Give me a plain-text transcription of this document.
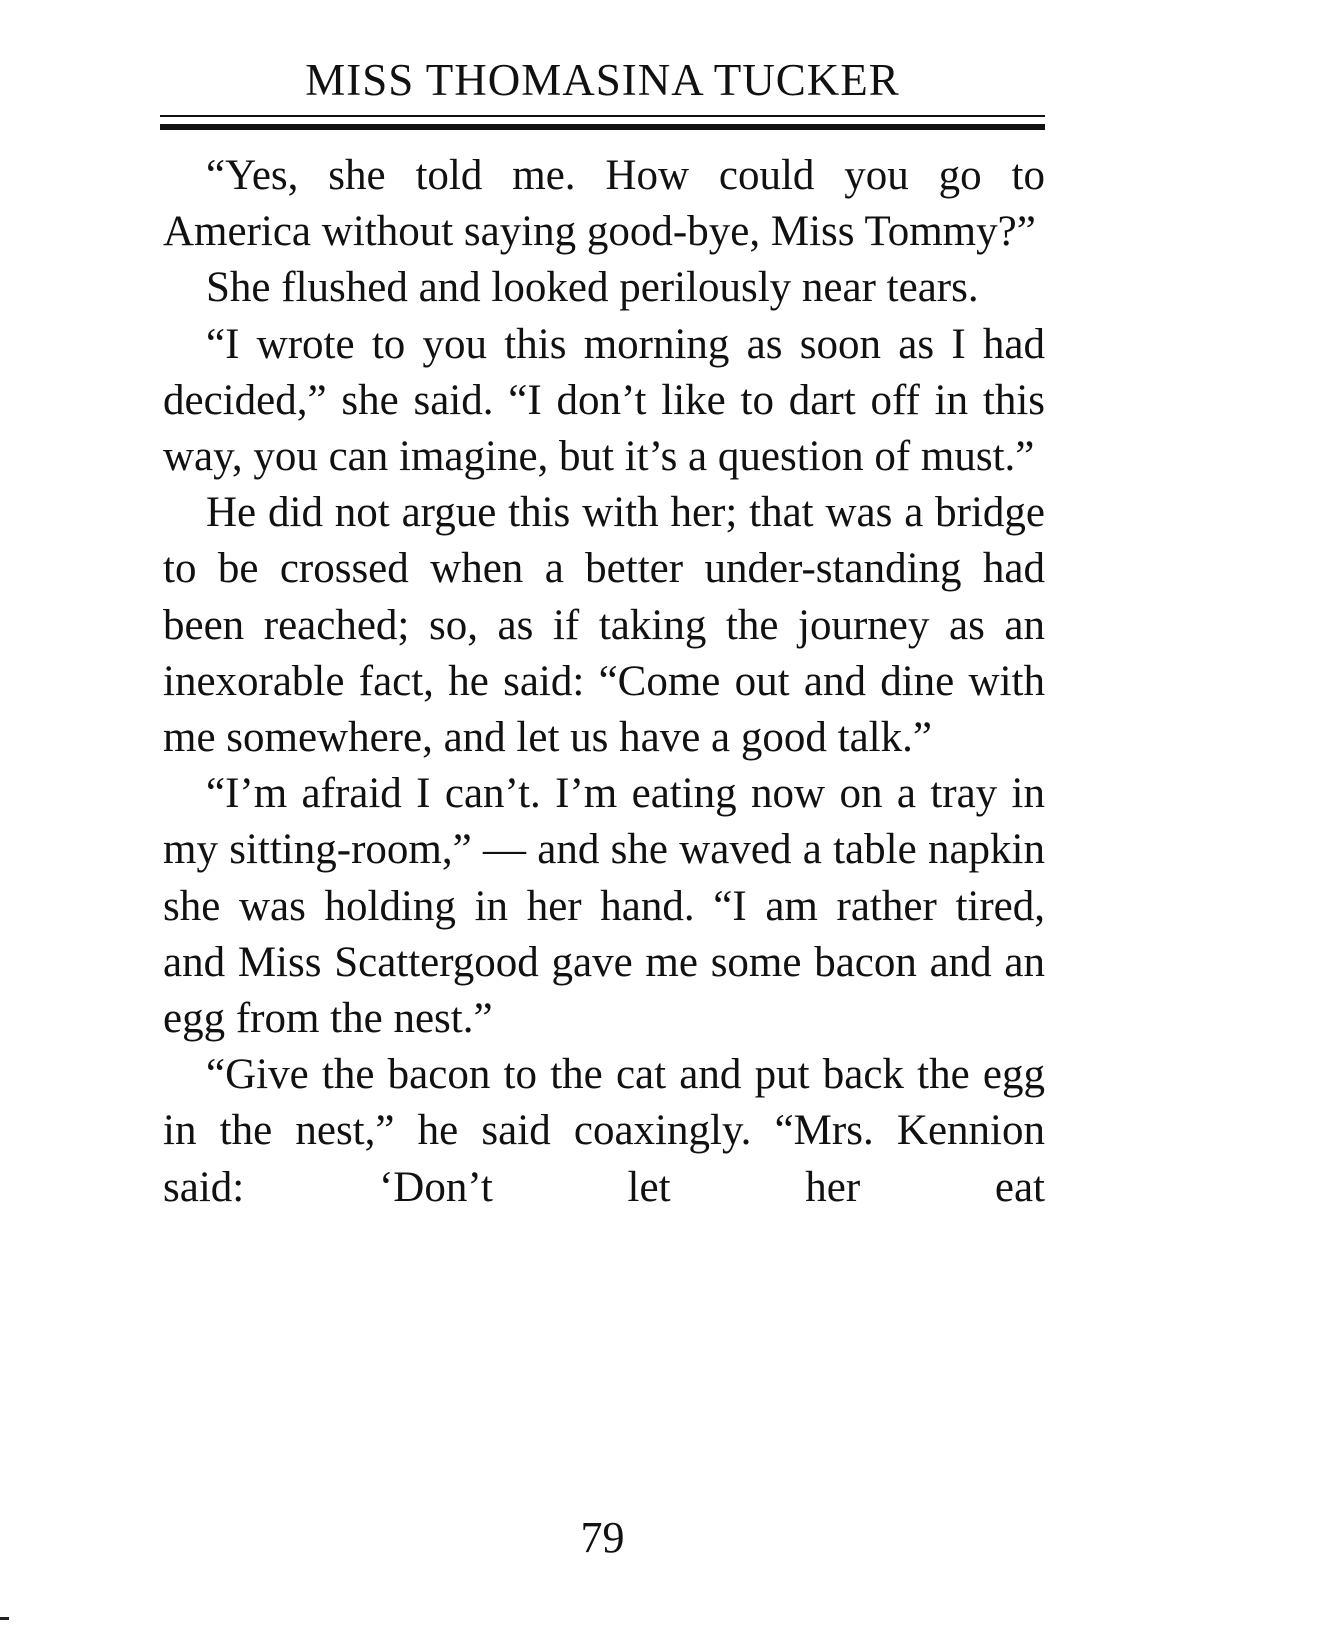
MISS THOMASINA TUCKER

“Yes, she told me. How could you go to America without saying good-bye, Miss Tommy?”

She flushed and looked perilously near tears.

“I wrote to you this morning as soon as I had decided,” she said. “I don’t like to dart off in this way, you can imagine, but it’s a question of must.”

He did not argue this with her; that was a bridge to be crossed when a better under-standing had been reached; so, as if taking the journey as an inexorable fact, he said: “Come out and dine with me somewhere, and let us have a good talk.”

“I’m afraid I can’t. I’m eating now on a tray in my sitting-room,” — and she waved a table napkin she was holding in her hand. “I am rather tired, and Miss Scattergood gave me some bacon and an egg from the nest.”

“Give the bacon to the cat and put back the egg in the nest,” he said coaxingly. “Mrs. Kennion said: ‘Don’t let her eat

79
